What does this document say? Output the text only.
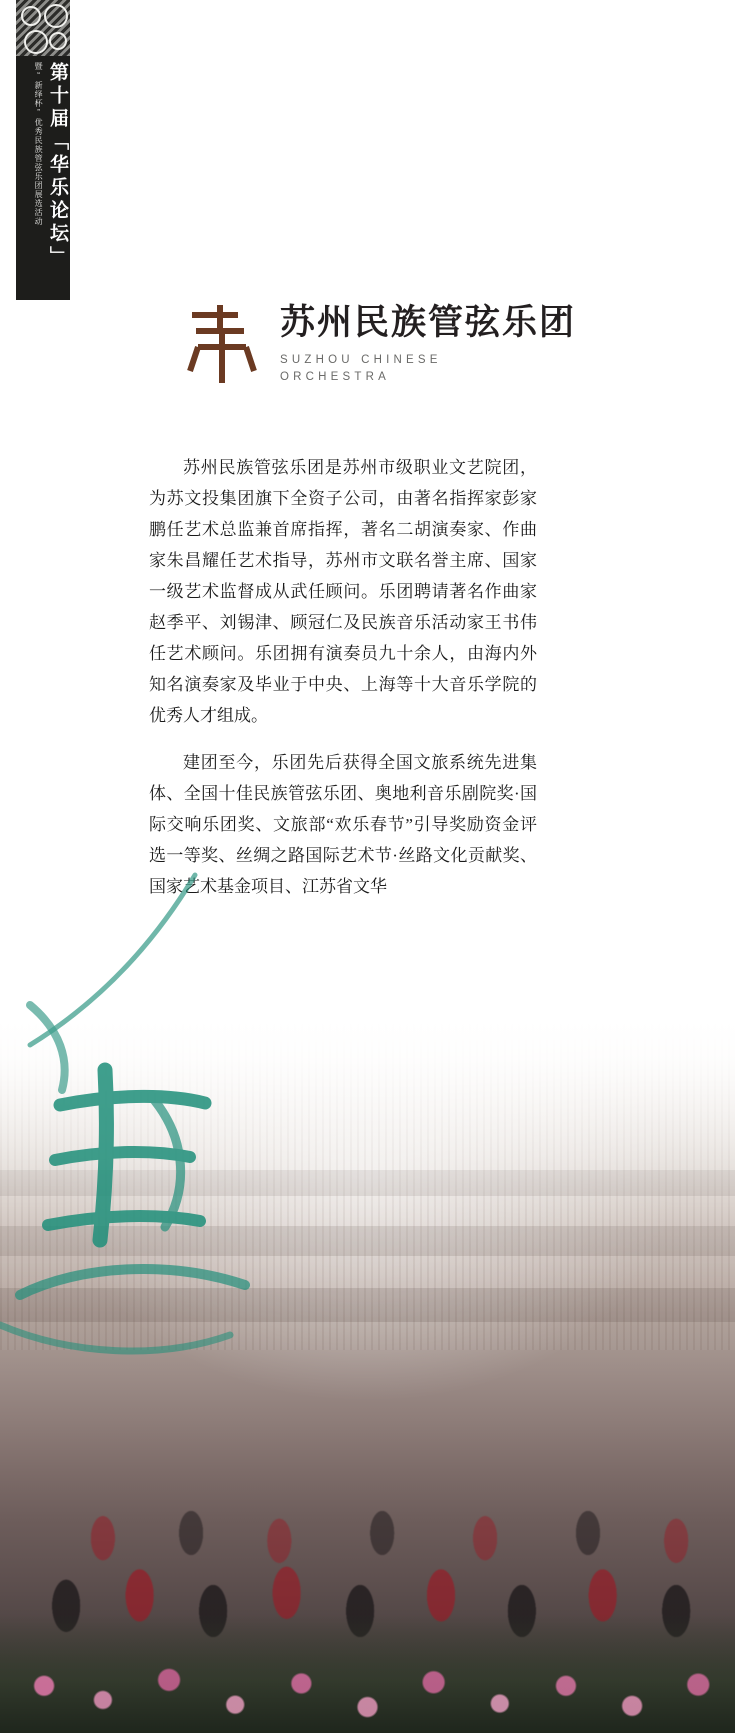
第十届「华乐论坛」
暨“新绎杯”优秀民族管弦乐团展选活动
苏州民族管弦乐团
SUZHOU CHINESE
ORCHESTRA

苏州民族管弦乐团是苏州市级职业文艺院团，为苏文投集团旗下全资子公司，由著名指挥家彭家鹏任艺术总监兼首席指挥，著名二胡演奏家、作曲家朱昌耀任艺术指导，苏州市文联名誉主席、国家一级艺术监督成从武任顾问。乐团聘请著名作曲家赵季平、刘锡津、顾冠仁及民族音乐活动家王书伟任艺术顾问。乐团拥有演奏员九十余人，由海内外知名演奏家及毕业于中央、上海等十大音乐学院的优秀人才组成。

建团至今，乐团先后获得全国文旅系统先进集体、全国十佳民族管弦乐团、奥地利音乐剧院奖·国际交响乐团奖、文旅部“欢乐春节”引导奖励资金评选一等奖、丝绸之路国际艺术节·丝路文化贡献奖、国家艺术基金项目、江苏省文华
